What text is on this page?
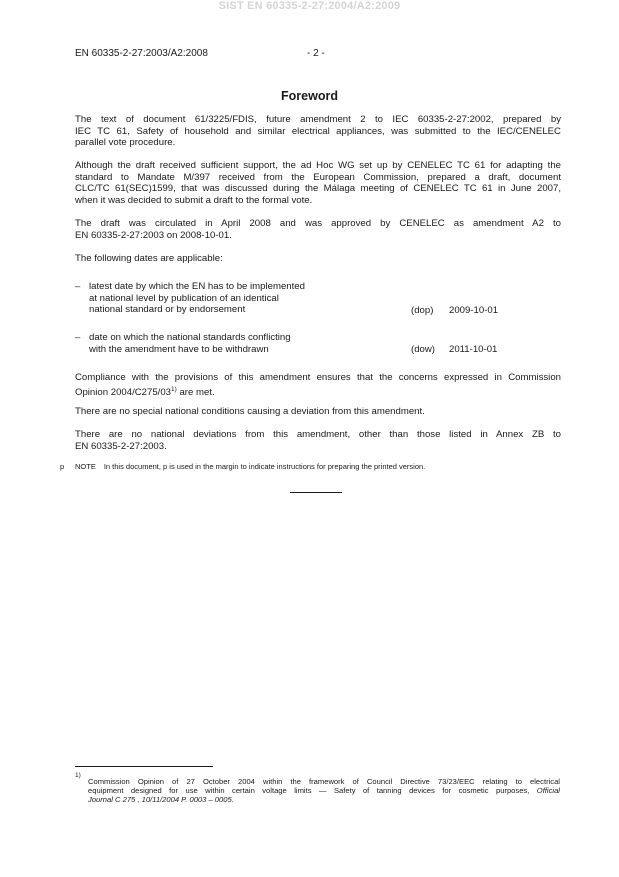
SIST EN 60335-2-27:2004/A2:2009
EN 60335-2-27:2003/A2:2008	- 2 -
Foreword
The text of document 61/3225/FDIS, future amendment 2 to IEC 60335-2-27:2002, prepared by
IEC TC 61, Safety of household and similar electrical appliances, was submitted to the IEC/CENELEC
parallel vote procedure.
Although the draft received sufficient support, the ad Hoc WG set up by CENELEC TC 61 for adapting the
standard to Mandate M/397 received from the European Commission, prepared a draft, document
CLC/TC 61(SEC)1599, that was discussed during the Málaga meeting of CENELEC TC 61 in June 2007,
when it was decided to submit a draft to the formal vote.
The draft was circulated in April 2008 and was approved by CENELEC as amendment A2 to
EN 60335-2-27:2003 on 2008-10-01.
The following dates are applicable:
– latest date by which the EN has to be implemented
at national level by publication of an identical
national standard or by endorsement	(dop) 2009-10-01
– date on which the national standards conflicting
with the amendment have to be withdrawn	(dow) 2011-10-01
Compliance with the provisions of this amendment ensures that the concerns expressed in Commission
Opinion 2004/C275/03$^{1)}$ are met.
There are no special national conditions causing a deviation from this amendment.
There are no national deviations from this amendment, other than those listed in Annex ZB to
EN 60335-2-27:2003.
p NOTE In this document, p is used in the margin to indicate instructions for preparing the printed version.
1)
Commission Opinion of 27 October 2004 within the framework of Council Directive 73/23/EEC relating to electrical
equipment designed for use within certain voltage limits — Safety of tanning devices for cosmetic purposes, Official
Journal C 275 , 10/11/2004 P. 0003 – 0005.
